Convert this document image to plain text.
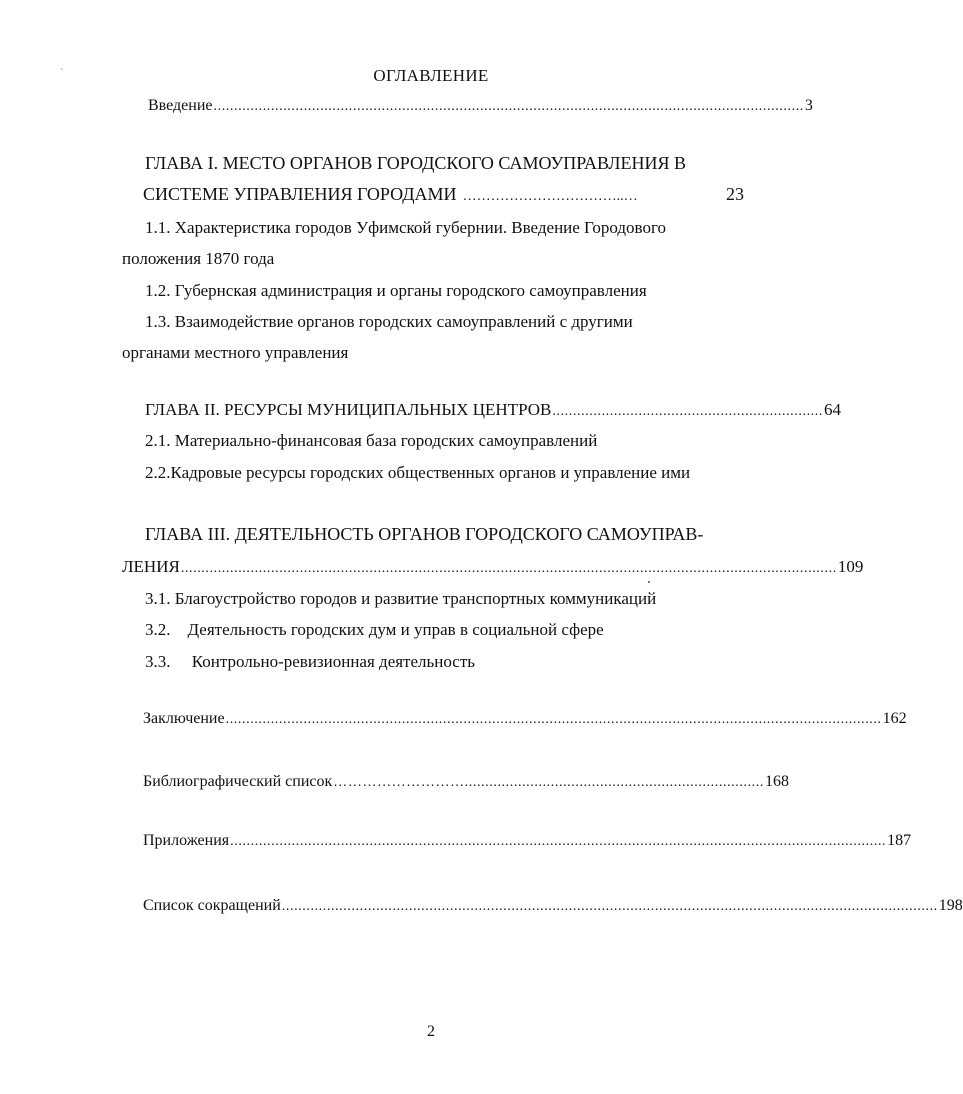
`	ОГЛАВЛЕНИЕ
Введение ................................................................................................................................................ 3
ГЛАВА I. МЕСТО ОРГАНОВ ГОРОДСКОГО САМОУПРАВЛЕНИЯ В
СИСТЕМЕ УПРАВЛЕНИЯ ГОРОДАМИ ……………………………..…	23
1.1. Характеристика городов Уфимской губернии. Введение Городового
положения 1870 года
1.2. Губернская администрация и органы городского самоуправления
1.3. Взаимодействие органов городских самоуправлений с другими
органами местного управления
ГЛАВА II. РЕСУРСЫ МУНИЦИПАЛЬНЫХ ЦЕНТРОВ .................................................................. 64
2.1. Материально-финансовая база городских самоуправлений
2.2.Кадровые ресурсы городских общественных органов и управление ими
ГЛАВА III. ДЕЯТЕЛЬНОСТЬ ОРГАНОВ ГОРОДСКОГО САМОУПРАВ-
ЛЕНИЯ ................................................................................................................................................................ 109
3.1. Благоустройство городов и развитие транспортных коммуникаций
3.2.    Деятельность городских дум и управ в социальной сфере
3.3.     Контрольно-ревизионная деятельность
Заключение ................................................................................................................................................................ 162
Библиографический список ………………………......................................................................... 168
Приложения ................................................................................................................................................................ 187
Список сокращений ................................................................................................................................................................ 198
2
